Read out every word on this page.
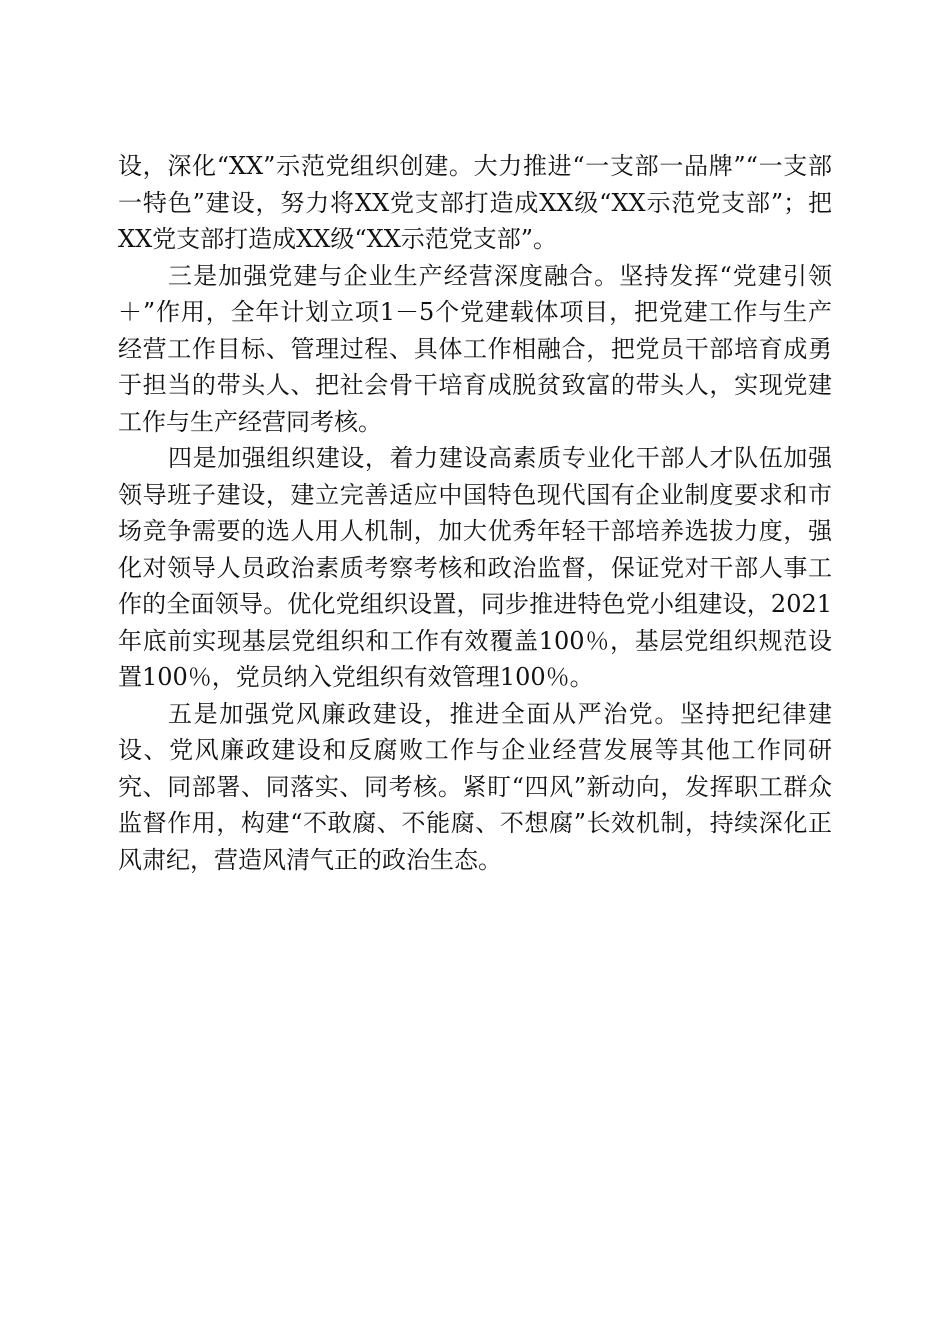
设，深化“XX”示范党组织创建。大力推进“一支部一品牌”“一支部一特色”建设，努力将XX党支部打造成XX级“XX示范党支部”；把XX党支部打造成XX级“XX示范党支部”。

三是加强党建与企业生产经营深度融合。坚持发挥“党建引领＋”作用，全年计划立项1－5个党建载体项目，把党建工作与生产经营工作目标、管理过程、具体工作相融合，把党员干部培育成勇于担当的带头人、把社会骨干培育成脱贫致富的带头人，实现党建工作与生产经营同考核。

四是加强组织建设，着力建设高素质专业化干部人才队伍加强领导班子建设，建立完善适应中国特色现代国有企业制度要求和市场竞争需要的选人用人机制，加大优秀年轻干部培养选拔力度，强化对领导人员政治素质考察考核和政治监督，保证党对干部人事工作的全面领导。优化党组织设置，同步推进特色党小组建设，2021年底前实现基层党组织和工作有效覆盖100％，基层党组织规范设置100％，党员纳入党组织有效管理100％。

五是加强党风廉政建设，推进全面从严治党。坚持把纪律建设、党风廉政建设和反腐败工作与企业经营发展等其他工作同研究、同部署、同落实、同考核。紧盯“四风”新动向，发挥职工群众监督作用，构建“不敢腐、不能腐、不想腐”长效机制，持续深化正风肃纪，营造风清气正的政治生态。
